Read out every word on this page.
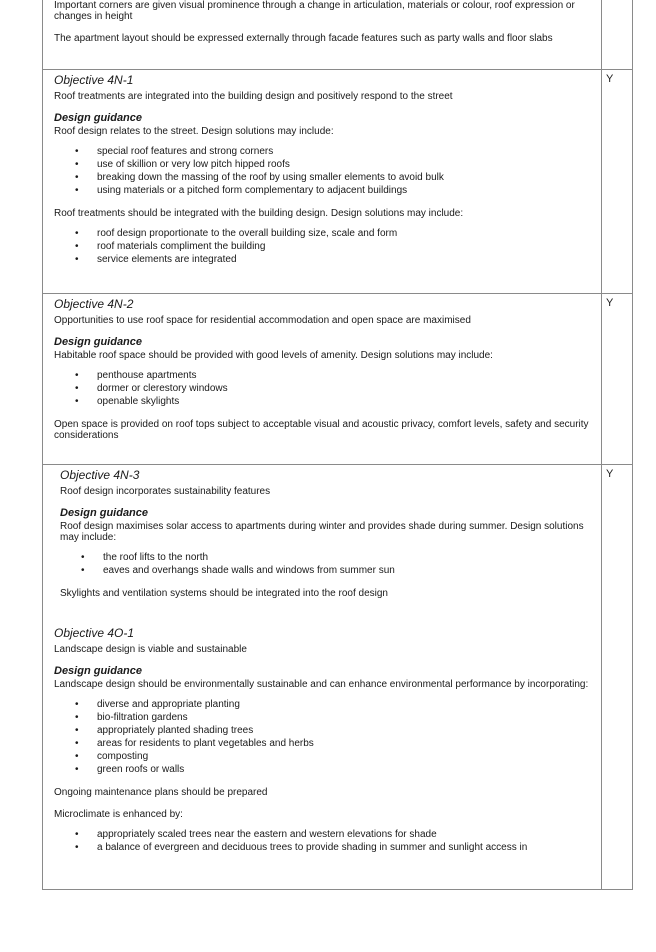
Important corners are given visual prominence through a change in articulation, materials or colour, roof expression or changes in height

The apartment layout should be expressed externally through facade features such as party walls and floor slabs

Y

Objective 4N-1

Roof treatments are integrated into the building design and positively respond to the street

Design guidance

Roof design relates to the street. Design solutions may include:

• special roof features and strong corners
• use of skillion or very low pitch hipped roofs
• breaking down the massing of the roof by using smaller elements to avoid bulk
• using materials or a pitched form complementary to adjacent buildings

Roof treatments should be integrated with the building design. Design solutions may include:

• roof design proportionate to the overall building size, scale and form
• roof materials compliment the building
• service elements are integrated
Y

Objective 4N-2

Opportunities to use roof space for residential accommodation and open space are maximised

Design guidance

Habitable roof space should be provided with good levels of amenity. Design solutions may include:

• penthouse apartments
• dormer or clerestory windows
• openable skylights

Open space is provided on roof tops subject to acceptable visual and acoustic privacy, comfort levels, safety and security considerations

Y

Objective 4N-3

Roof design incorporates sustainability features

Design guidance

Roof design maximises solar access to apartments during winter and provides shade during summer. Design solutions may include:

• the roof lifts to the north
• eaves and overhangs shade walls and windows from summer sun

Skylights and ventilation systems should be integrated into the roof design

Objective 4O-1

Landscape design is viable and sustainable

Design guidance

Landscape design should be environmentally sustainable and can enhance environmental performance by incorporating:

• diverse and appropriate planting
• bio-filtration gardens
• appropriately planted shading trees
• areas for residents to plant vegetables and herbs
• composting
• green roofs or walls

Ongoing maintenance plans should be prepared

Microclimate is enhanced by:

• appropriately scaled trees near the eastern and western elevations for shade
• a balance of evergreen and deciduous trees to provide shading in summer and sunlight access in
